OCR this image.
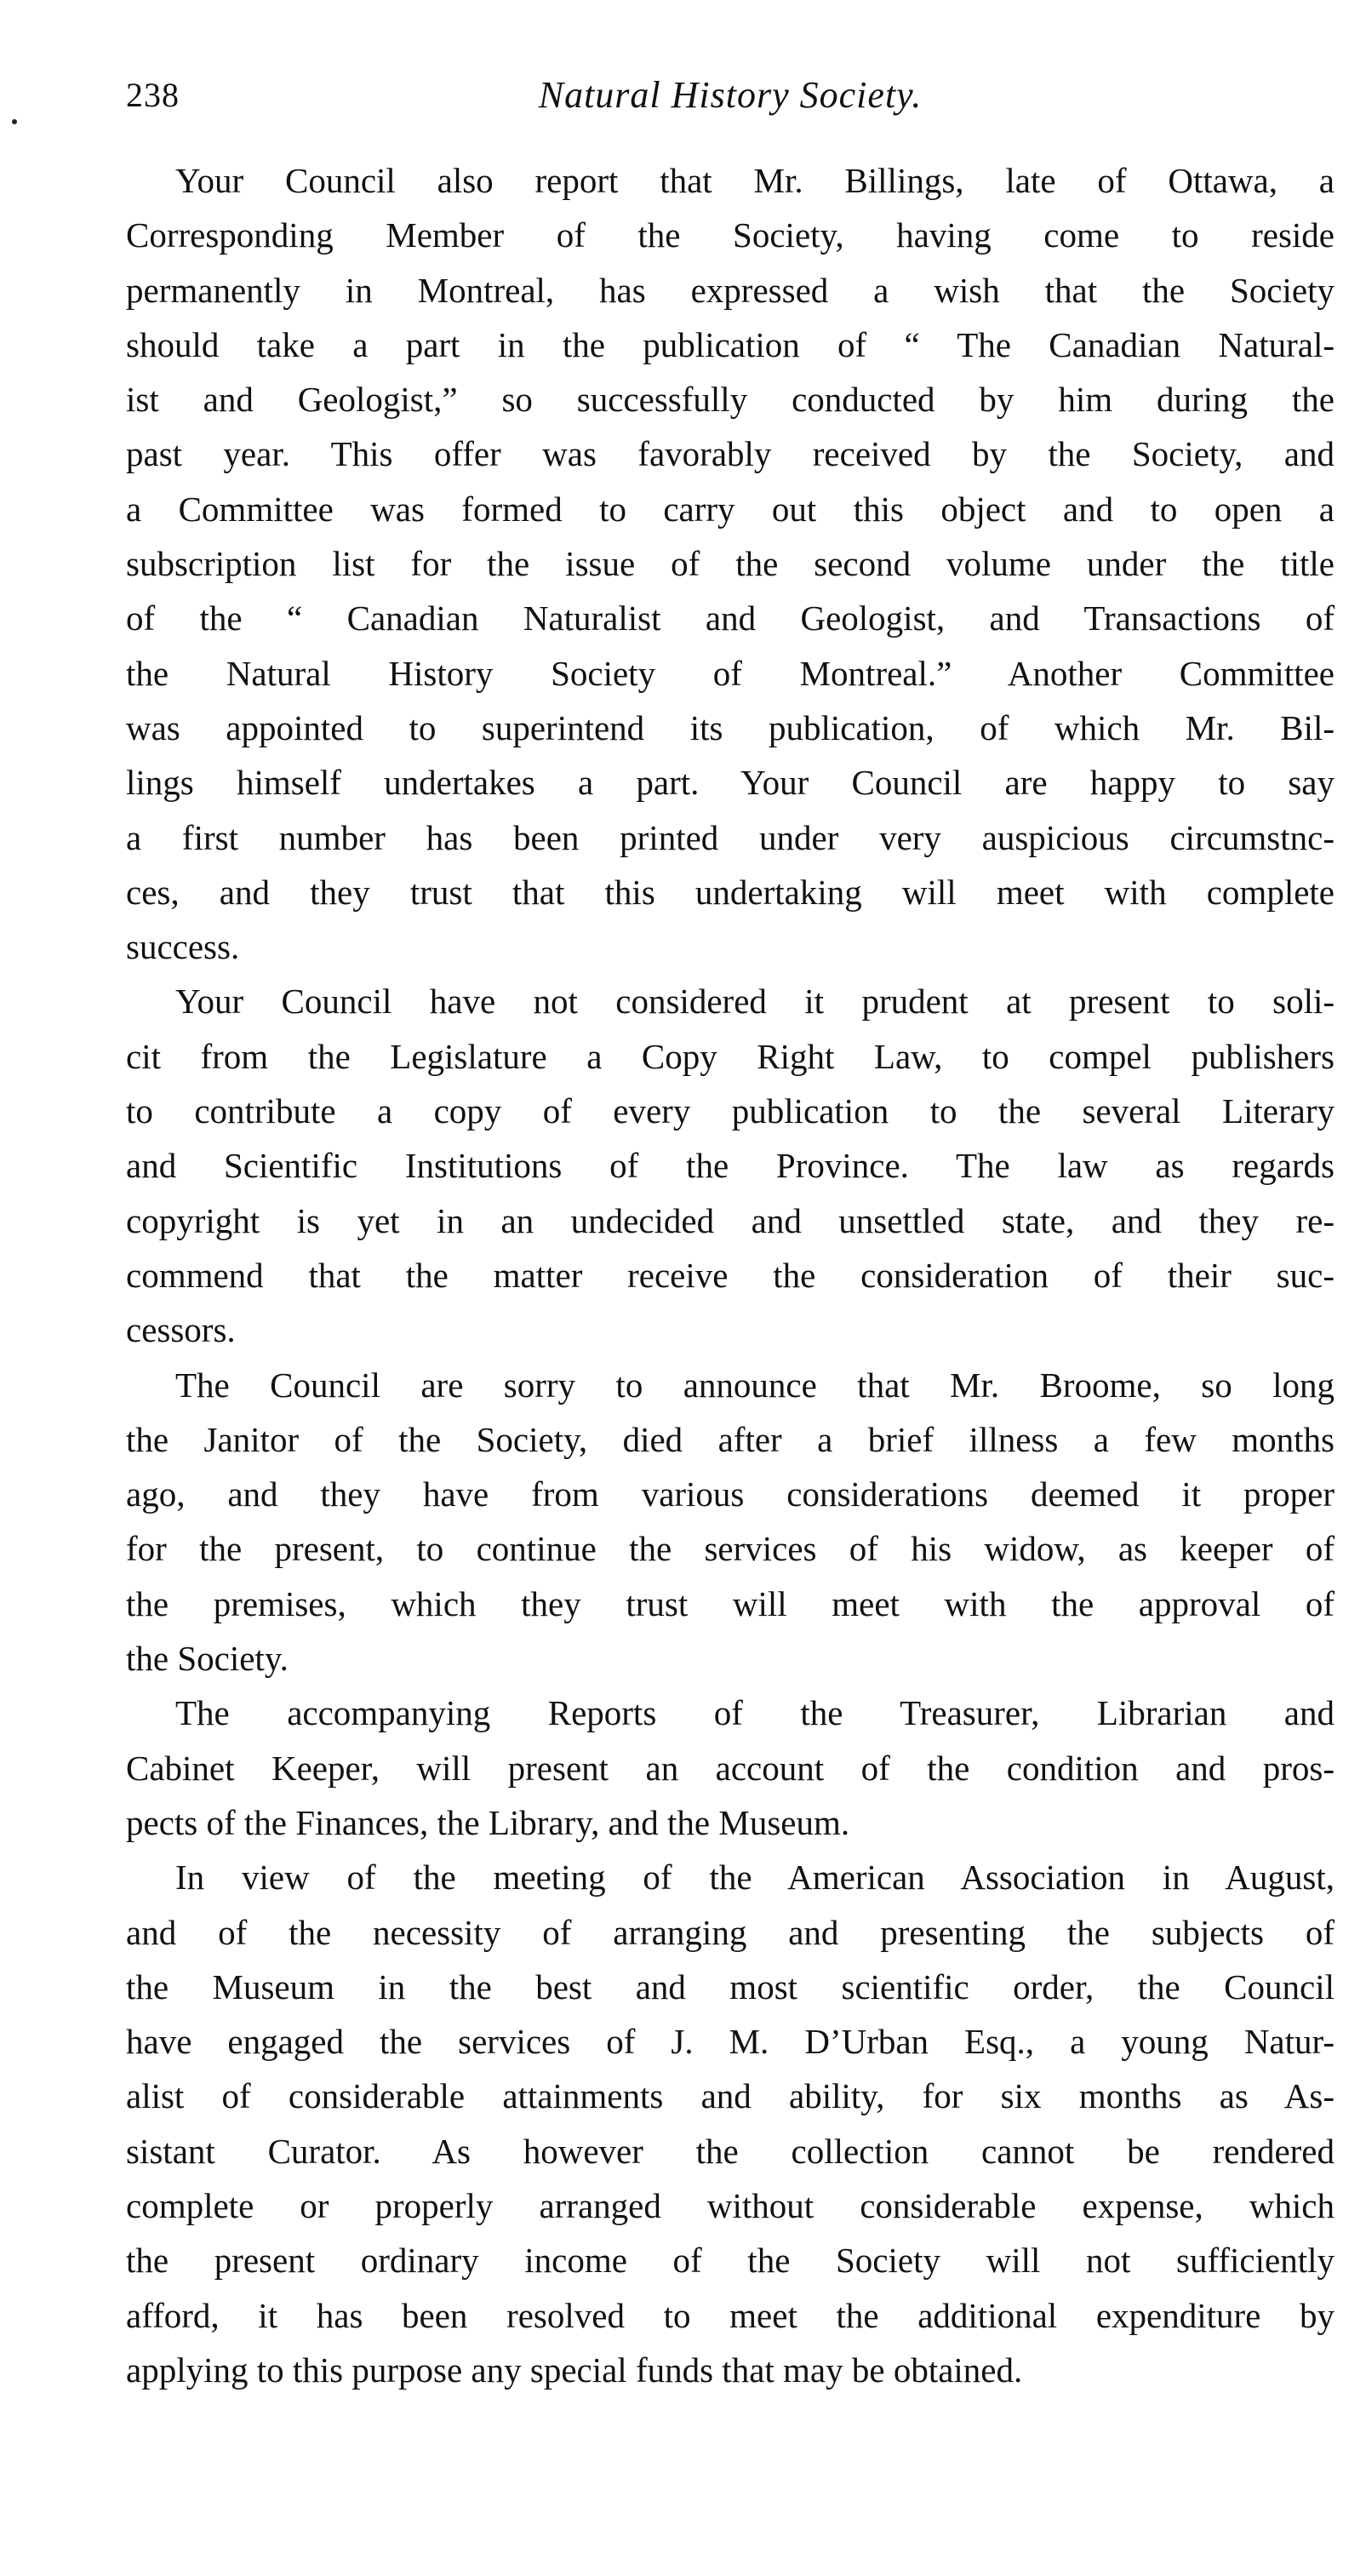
238	Natural History Society.
Your Council also report that Mr. Billings, late of Ottawa, a
Corresponding Member of the Society, having come to reside
permanently in Montreal, has expressed a wish that the Society
should take a part in the publication of “ The Canadian Natural-
ist and Geologist,” so successfully conducted by him during the
past year. This offer was favorably received by the Society, and
a Committee was formed to carry out this object and to open a
subscription list for the issue of the second volume under the title
of the “ Canadian Naturalist and Geologist, and Transactions of
the Natural History Society of Montreal.” Another Committee
was appointed to superintend its publication, of which Mr. Bil-
lings himself undertakes a part. Your Council are happy to say
a first number has been printed under very auspicious circumstnc-
ces, and they trust that this undertaking will meet with complete
success.
Your Council have not considered it prudent at present to soli-
cit from the Legislature a Copy Right Law, to compel publishers
to contribute a copy of every publication to the several Literary
and Scientific Institutions of the Province. The law as regards
copyright is yet in an undecided and unsettled state, and they re-
commend that the matter receive the consideration of their suc-
cessors.
The Council are sorry to announce that Mr. Broome, so long
the Janitor of the Society, died after a brief illness a few months
ago, and they have from various considerations deemed it proper
for the present, to continue the services of his widow, as keeper of
the premises, which they trust will meet with the approval of
the Society.
The accompanying Reports of the Treasurer, Librarian and
Cabinet Keeper, will present an account of the condition and pros-
pects of the Finances, the Library, and the Museum.
In view of the meeting of the American Association in August,
and of the necessity of arranging and presenting the subjects of
the Museum in the best and most scientific order, the Council
have engaged the services of J. M. D’Urban Esq., a young Natur-
alist of considerable attainments and ability, for six months as As-
sistant Curator. As however the collection cannot be rendered
complete or properly arranged without considerable expense, which
the present ordinary income of the Society will not sufficiently
afford, it has been resolved to meet the additional expenditure by
applying to this purpose any special funds that may be obtained.
